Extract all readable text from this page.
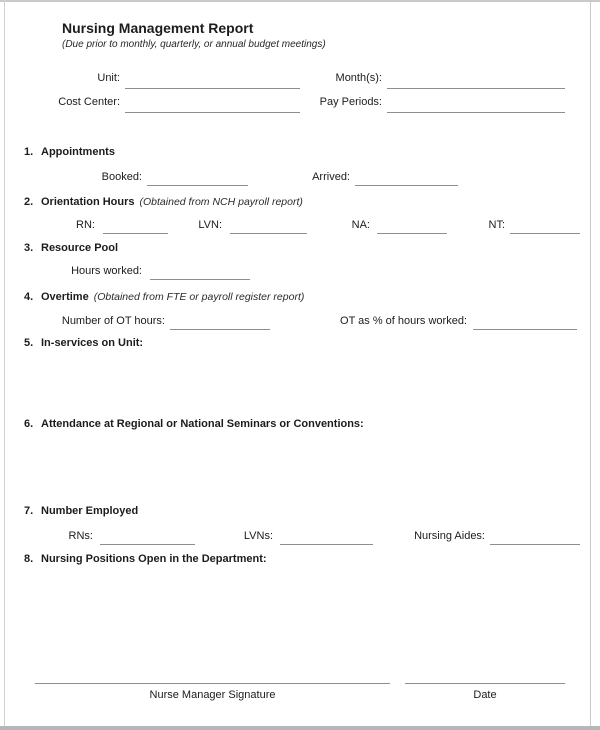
Nursing Management Report
(Due prior to monthly, quarterly, or annual budget meetings)
Unit:	Month(s):
Cost Center:	Pay Periods:
1. Appointments
Booked:	Arrived:
2. Orientation Hours (Obtained from NCH payroll report)
RN:	LVN:	NA:	NT:
3. Resource Pool
Hours worked:
4. Overtime (Obtained from FTE or payroll register report)
Number of OT hours:	OT as % of hours worked:
5. In-services on Unit:
6. Attendance at Regional or National Seminars or Conventions:
7. Number Employed
RNs:	LVNs:	Nursing Aides:
8. Nursing Positions Open in the Department:
Nurse Manager Signature	Date
